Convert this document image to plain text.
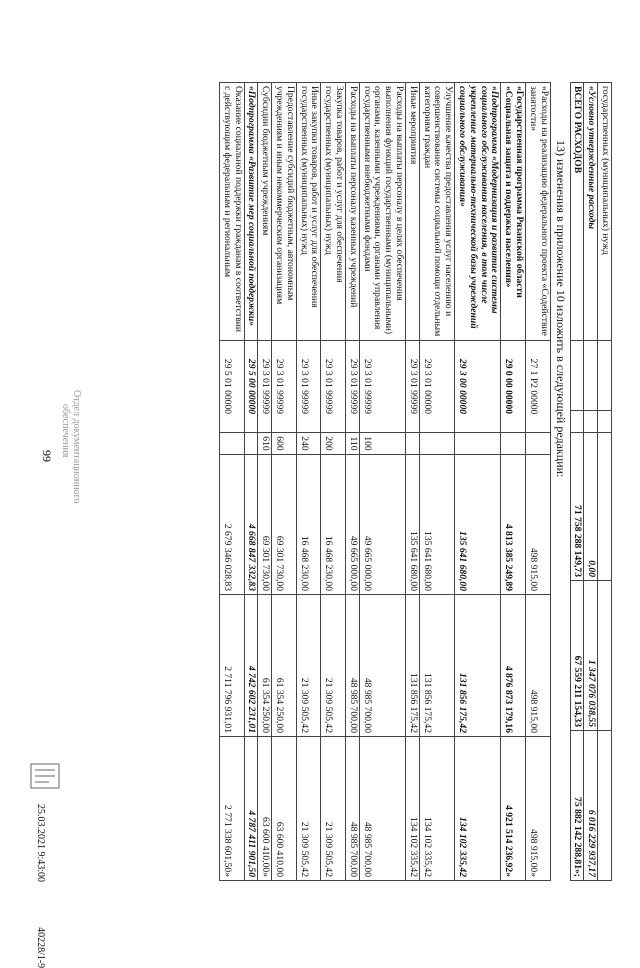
99
государственных (муниципальных) нужд					
«Условно утвержденные расходы			0,00	1 347 076 038,55	6 016 229 937,17
ВСЕГО РАСХОДОВ			71 758 288 149,73	67 559 211 154,33	75 882 142 288,81»;
13) изменения в приложение 10 изложить в следующей редакции:
«Расходы на реализацию федерального проекта «Содействие занятости»	27 1 P2 00000		498 915,00	498 915,00	498 915,00»
«Государственная программа Рязанской области «Социальная защита и поддержка населения»	29 0 00 00000		4 813 385 249,89	4 876 873 179,16	4 921 514 236,92»
«Подпрограмма «Модернизация и развитие системы социального обслуживания населения, в том числе укрепление материально-технической базы учреждений социального обслуживания»	29 3 00 00000		135 641 680,00	131 856 175,42	134 102 335,42
Улучшение качества предоставления услуг населению и совершенствование системы социальной помощи отдельным категориям граждан	29 3 01 00000		135 641 680,00	131 856 175,42	134 102 335,42
Иные мероприятия	29 3 01 99999		135 641 680,00	131 856 175,42	134 102 335,42
Расходы на выплаты персоналу в целях обеспечения выполнения функций государственными (муниципальными) органами, казенными учреждениями, органами управления государственными внебюджетными фондами	29 3 01 99999	100	49 665 000,00	48 985 700,00	48 985 700,00
Расходы на выплаты персоналу казенных учреждений	29 3 01 99999	110	49 665 000,00	48 985 700,00	48 985 700,00
Закупка товаров, работ и услуг для обеспечения государственных (муниципальных) нужд	29 3 01 99999	200	16 468 230,00	21 309 505,42	21 309 505,42
Иные закупки товаров, работ и услуг для обеспечения государственных (муниципальных) нужд	29 3 01 99999	240	16 468 230,00	21 309 505,42	21 309 505,42
Предоставление субсидий бюджетным, автономным учреждениям и иным некоммерческим организациям	29 3 01 99999	600	69 301 730,00	61 354 250,00	63 600 410,00
Субсидии бюджетным учреждениям	29 3 01 99999	610	69 301 730,00	61 354 250,00	63 600 410,00»
«Подпрограмма «Развитие мер социальной поддержки»	29 5 00 00000		4 668 847 332,83	4 742 602 231,01	4 787 411 901,50
Оказание социальной поддержки гражданам в соответствии с действующим федеральным и региональным	29 5 01 00000		2 679 346 028,83	2 711 796 931,01	2 771 338 601,50»
25.03.2021 9:43:00  40228/1-9
Отдел документационного
обеспечения
